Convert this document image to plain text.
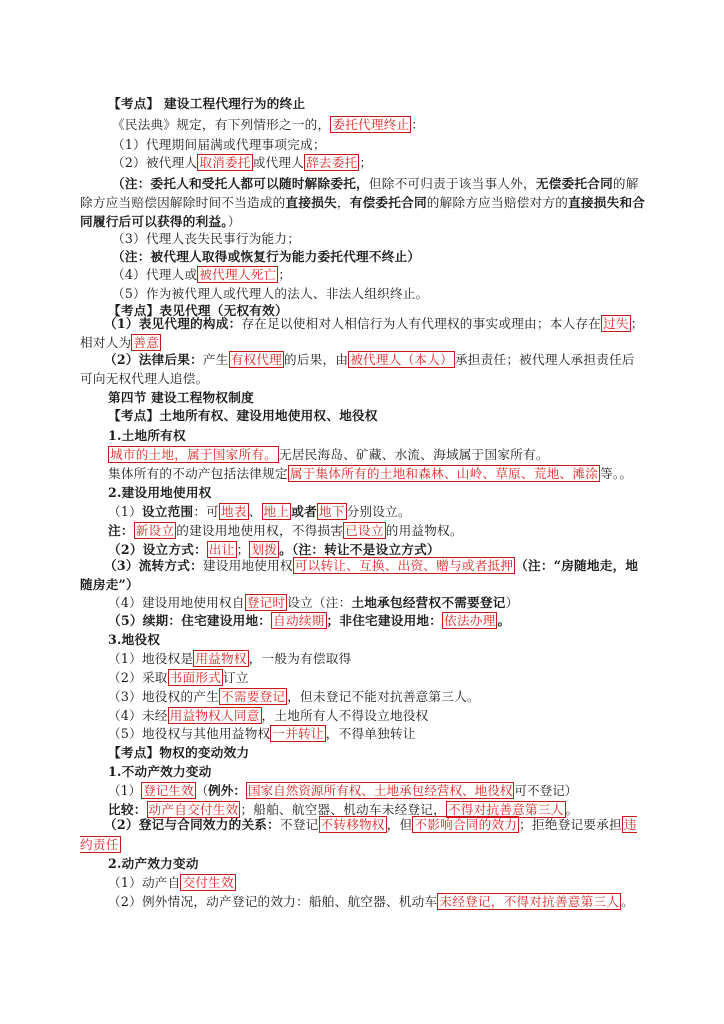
【考点】 建设工程代理行为的终止
《民法典》规定，有下列情形之一的， 委托代理终止 ：
（1）代理期间届满或代理事项完成；
（2）被代理人 取消委托 或代理人 辞去委托 ；
（注：委托人和受托人都可以随时解除委托，但除不可归责于该当事人外，无偿委托合同的解除方应当赔偿因解除时间不当造成的直接损失，有偿委托合同的解除方应当赔偿对方的直接损失和合同履行后可以获得的利益。）
（3）代理人丧失民事行为能力；
（注：被代理人取得或恢复行为能力委托代理不终止）
（4）代理人或 被代理人死亡 ；
（5）作为被代理人或代理人的法人、非法人组织终止。
【考点】表见代理（无权有效）
（1）表见代理的构成：存在足以使相对人相信行为人有代理权的事实或理由；本人存在 过失 ；相对人为 善意
（2）法律后果：产生 有权代理 的后果，由 被代理人（本人） 承担责任；被代理人承担责任后可向无权代理人追偿。
第四节 建设工程物权制度
【考点】土地所有权、建设用地使用权、地役权
1.土地所有权
城市的土地，属于国家所有。 无居民海岛、矿藏、水流、海域属于国家所有。
集体所有的不动产包括法律规定 属于集体所有的土地和森林、山岭、草原、荒地、滩涂 等。。
2.建设用地使用权
（1）设立范围：可 地表 、 地上 或者 地下 分别设立。
注： 新设立 的建设用地使用权，不得损害 已设立 的用益物权。
（2）设立方式： 出让 ； 划拨 。（注：转让不是设立方式）
（3）流转方式：建设用地使用权 可以转让、互换、出资、赠与或者抵押 （注：“房随地走，地随房走”）
（4）建设用地使用权自 登记时 设立（注：土地承包经营权不需要登记）
（5）续期：住宅建设用地： 自动续期 ；非住宅建设用地： 依法办理 。
3.地役权
（1）地役权是 用益物权 ，一般为有偿取得
（2）采取 书面形式 订立
（3）地役权的产生 不需要登记 ，但未登记不能对抗善意第三人。
（4）未经 用益物权人同意 ，土地所有人不得设立地役权
（5）地役权与其他用益物权 一并转让 ，不得单独转让
【考点】物权的变动效力
1.不动产效力变动
（1） 登记生效 （例外： 国家自然资源所有权、土地承包经营权、地役权 可不登记）
比较： 动产自交付生效 ；船舶、航空器、机动车未经登记， 不得对抗善意第三人 。
（2）登记与合同效力的关系：不登记 不转移物权 ，但 不影响合同的效力 ；拒绝登记要承担 违约责任
2.动产效力变动
（1）动产自 交付生效
（2）例外情况，动产登记的效力：船舶、航空器、机动车 未经登记，不得对抗善意第三人 。
